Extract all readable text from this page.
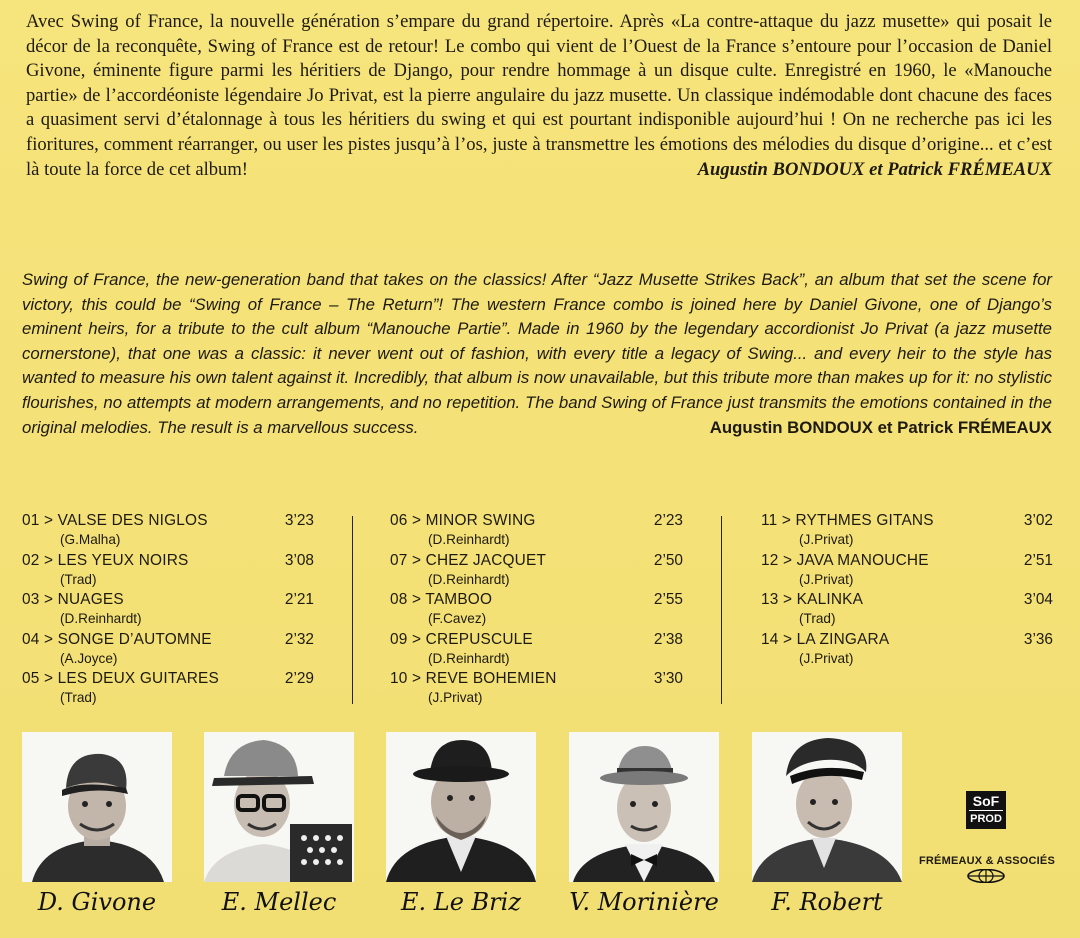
Avec Swing of France, la nouvelle génération s’empare du grand répertoire. Après «La contre-attaque du jazz musette» qui posait le décor de la reconquête, Swing of France est de retour! Le combo qui vient de l’Ouest de la France s’entoure pour l’occasion de Daniel Givone, éminente figure parmi les héritiers de Django, pour rendre hommage à un disque culte. Enregistré en 1960, le «Manouche partie» de l’accordéoniste légendaire Jo Privat, est la pierre angulaire du jazz musette. Un classique indémodable dont chacune des faces a quasiment servi d’étalonnage à tous les héritiers du swing et qui est pourtant indisponible aujourd’hui ! On ne recherche pas ici les fioritures, comment réarranger, ou user les pistes jusqu’à l’os, juste à transmettre les émotions des mélodies du disque d’origine... et c’est là toute la force de cet album!	Augustin BONDOUX et Patrick FRÉMEAUX

Swing of France, the new-generation band that takes on the classics! After “Jazz Musette Strikes Back”, an album that set the scene for victory, this could be “Swing of France – The Return”! The western France combo is joined here by Daniel Givone, one of Django’s eminent heirs, for a tribute to the cult album “Manouche Partie”. Made in 1960 by the legendary accordionist Jo Privat (a jazz musette cornerstone), that one was a classic: it never went out of fashion, with every title a legacy of Swing... and every heir to the style has wanted to measure his own talent against it. Incredibly, that album is now unavailable, but this tribute more than makes up for it: no stylistic flourishes, no attempts at modern arrangements, and no repetition. The band Swing of France just transmits the emotions contained in the original melodies. The result is a marvellous success.	Augustin BONDOUX et Patrick FRÉMEAUX

01 > VALSE DES NIGLOS	3’23
(G.Malha)
02 > LES YEUX NOIRS	3’08
(Trad)
03 > NUAGES	2’21
(D.Reinhardt)
04 > SONGE D’AUTOMNE	2’32
(A.Joyce)
05 > LES DEUX GUITARES	2’29
(Trad)
06 > MINOR SWING	2’23
(D.Reinhardt)
07 > CHEZ JACQUET	2’50
(D.Reinhardt)
08 > TAMBOO	2’55
(F.Cavez)
09 > CREPUSCULE	2’38
(D.Reinhardt)
10 > REVE BOHEMIEN	3’30
(J.Privat)
11 > RYTHMES GITANS	3’02
(J.Privat)
12 > JAVA MANOUCHE	2’51
(J.Privat)
13 > KALINKA	3’04
(Trad)
14 > LA ZINGARA	3’36
(J.Privat)
D. Givone	E. Mellec	E. Le Briz	V. Morinière	F. Robert
SoF
PROD
FRÉMEAUX & ASSOCIÉS
